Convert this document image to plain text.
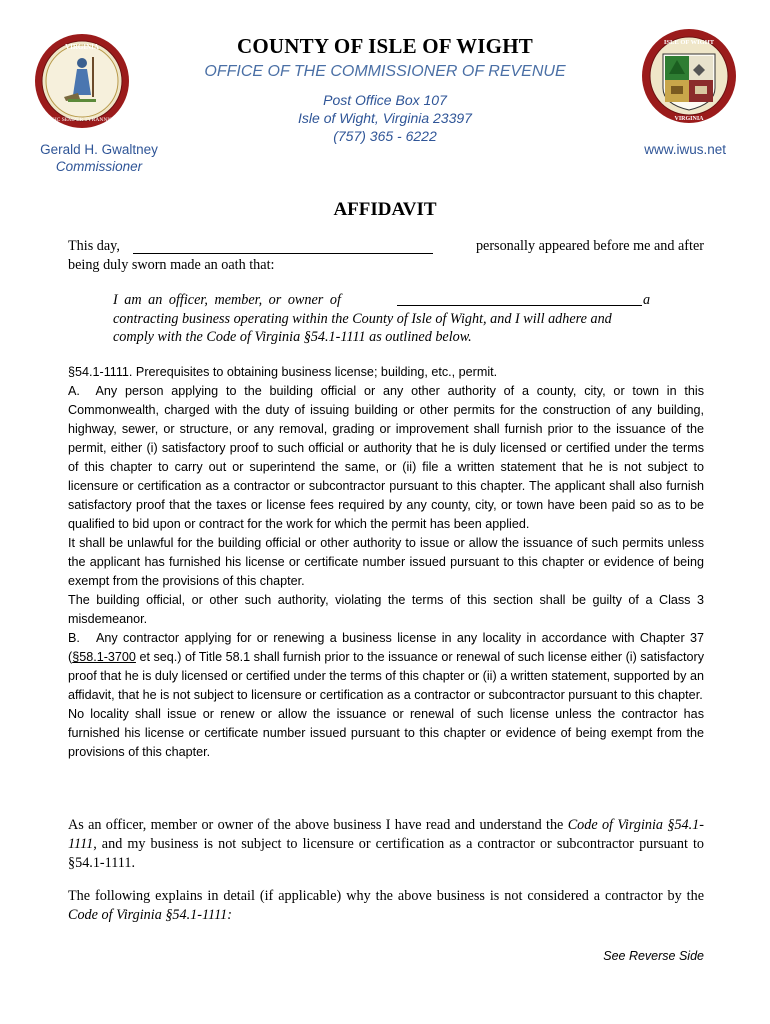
VIRGINIA
SIC SEMPER TYRANNIS
ISLE OF WIGHT
VIRGINIA
COUNTY OF ISLE OF WIGHT
OFFICE OF THE COMMISSIONER OF REVENUE
Post Office Box 107
Isle of Wight, Virginia 23397
(757) 365 - 6222
Gerald H. Gwaltney
Commissioner
www.iwus.net
AFFIDAVIT
This day,	personally appeared before me and after
being duly sworn made an oath that:
I am an officer, member, or owner of	a
contracting business operating within the County of Isle of Wight, and I will adhere and
comply with the Code of Virginia §54.1-1111 as outlined below.
§54.1-1111. Prerequisites to obtaining business license; building, etc., permit.
A. Any person applying to the building official or any other authority of a county, city, or town in this Commonwealth, charged with the duty of issuing building or other permits for the construction of any building, highway, sewer, or structure, or any removal, grading or improvement shall furnish prior to the issuance of the permit, either (i) satisfactory proof to such official or authority that he is duly licensed or certified under the terms of this chapter to carry out or superintend the same, or (ii) file a written statement that he is not subject to licensure or certification as a contractor or subcontractor pursuant to this chapter. The applicant shall also furnish satisfactory proof that the taxes or license fees required by any county, city, or town have been paid so as to be qualified to bid upon or contract for the work for which the permit has been applied.
It shall be unlawful for the building official or other authority to issue or allow the issuance of such permits unless the applicant has furnished his license or certificate number issued pursuant to this chapter or evidence of being exempt from the provisions of this chapter.
The building official, or other such authority, violating the terms of this section shall be guilty of a Class 3 misdemeanor.
B. Any contractor applying for or renewing a business license in any locality in accordance with Chapter 37 (§58.1-3700 et seq.) of Title 58.1 shall furnish prior to the issuance or renewal of such license either (i) satisfactory proof that he is duly licensed or certified under the terms of this chapter or (ii) a written statement, supported by an affidavit, that he is not subject to licensure or certification as a contractor or subcontractor pursuant to this chapter.
No locality shall issue or renew or allow the issuance or renewal of such license unless the contractor has furnished his license or certificate number issued pursuant to this chapter or evidence of being exempt from the provisions of this chapter.
As an officer, member or owner of the above business I have read and understand the Code of Virginia §54.1-1111, and my business is not subject to licensure or certification as a contractor or subcontractor pursuant to §54.1-1111.
The following explains in detail (if applicable) why the above business is not considered a contractor by the Code of Virginia §54.1-1111:
See Reverse Side
